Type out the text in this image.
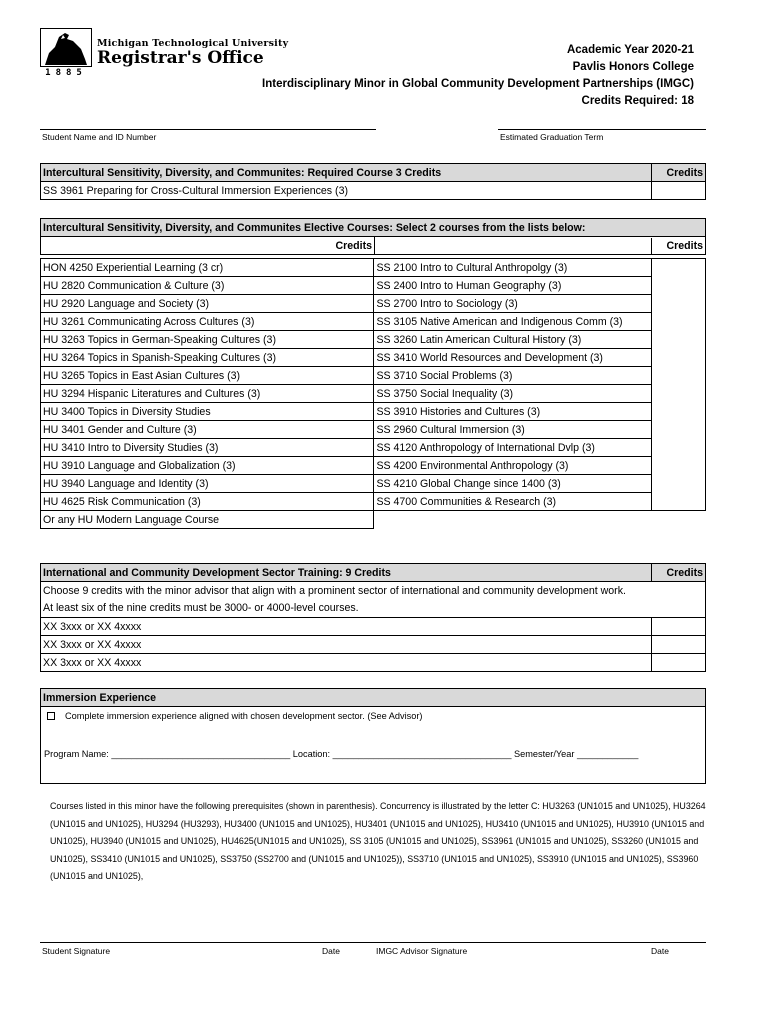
1885
Michigan Technological University
Registrar's Office	Academic Year 2020-21
Pavlis Honors College
Interdisciplinary Minor in Global Community Development Partnerships (IMGC)
Credits Required: 18
Student Name and ID Number	Estimated Graduation Term
Intercultural Sensitivity, Diversity, and Communites: Required Course 3 Credits	Credits
SS 3961 Preparing for Cross-Cultural Immersion Experiences (3)	
Intercultural Sensitivity, Diversity, and Communites Elective Courses: Select 2 courses from the lists below:
	Credits	Credits
HON 4250 Experiential Learning (3 cr)	SS 2100 Intro to Cultural Anthropolgy (3)	
HU 2820 Communication & Culture (3)	SS 2400 Intro to Human Geography (3)	
HU 2920 Language and Society (3)	SS 2700 Intro to Sociology (3)	
HU 3261 Communicating Across Cultures (3)	SS 3105 Native American and Indigenous Comm (3)	
HU 3263 Topics in German-Speaking Cultures (3)	SS 3260 Latin American Cultural History (3)	
HU 3264 Topics in Spanish-Speaking Cultures (3)	SS 3410 World Resources and Development (3)	
HU 3265 Topics in East Asian Cultures (3)	SS 3710 Social Problems (3)	
HU 3294 Hispanic Literatures and Cultures (3)	SS 3750 Social Inequality (3)	
HU 3400 Topics in Diversity Studies	SS 3910 Histories and Cultures (3)	
HU 3401 Gender and Culture (3)	SS 2960 Cultural Immersion (3)	
HU 3410 Intro to Diversity Studies (3)	SS 4120 Anthropology of International Dvlp (3)	
HU 3910 Language and Globalization (3)	SS 4200 Environmental Anthropology (3)	
HU 3940 Language and Identity (3)	SS 4210 Global Change since 1400 (3)	
HU 4625 Risk Communication (3)	SS 4700 Communities & Research (3)	
Or any HU Modern Language Course		
International and Community Development Sector Training: 9 Credits	Credits
Choose 9 credits with the minor advisor that align with a prominent sector of international and community development work.	
At least six of the nine credits must be 3000- or 4000-level courses.	
XX 3xxx or XX 4xxxx	
XX 3xxx or XX 4xxxx	
XX 3xxx or XX 4xxxx	
Immersion Experience
Complete immersion experience aligned with chosen development sector. (See Advisor)
Program Name: ___________________________________ Location: ___________________________________ Semester/Year ____________
Courses listed in this minor have the following prerequisites (shown in parenthesis). Concurrency is illustrated by the letter C: HU3263 (UN1015 and UN1025), HU3264 (UN1015 and UN1025), HU3294 (HU3293), HU3400 (UN1015 and UN1025), HU3401 (UN1015 and UN1025), HU3410 (UN1015 and UN1025), HU3910 (UN1015 and UN1025), HU3940 (UN1015 and UN1025), HU4625(UN1015 and UN1025), SS 3105 (UN1015 and UN1025), SS3961 (UN1015 and UN1025), SS3260 (UN1015 and UN1025), SS3410 (UN1015 and UN1025), SS3750 (SS2700 and (UN1015 and UN1025)), SS3710 (UN1015 and UN1025), SS3910 (UN1015 and UN1025), SS3960 (UN1015 and UN1025),
Student Signature	Date	IMGC Advisor Signature	Date
